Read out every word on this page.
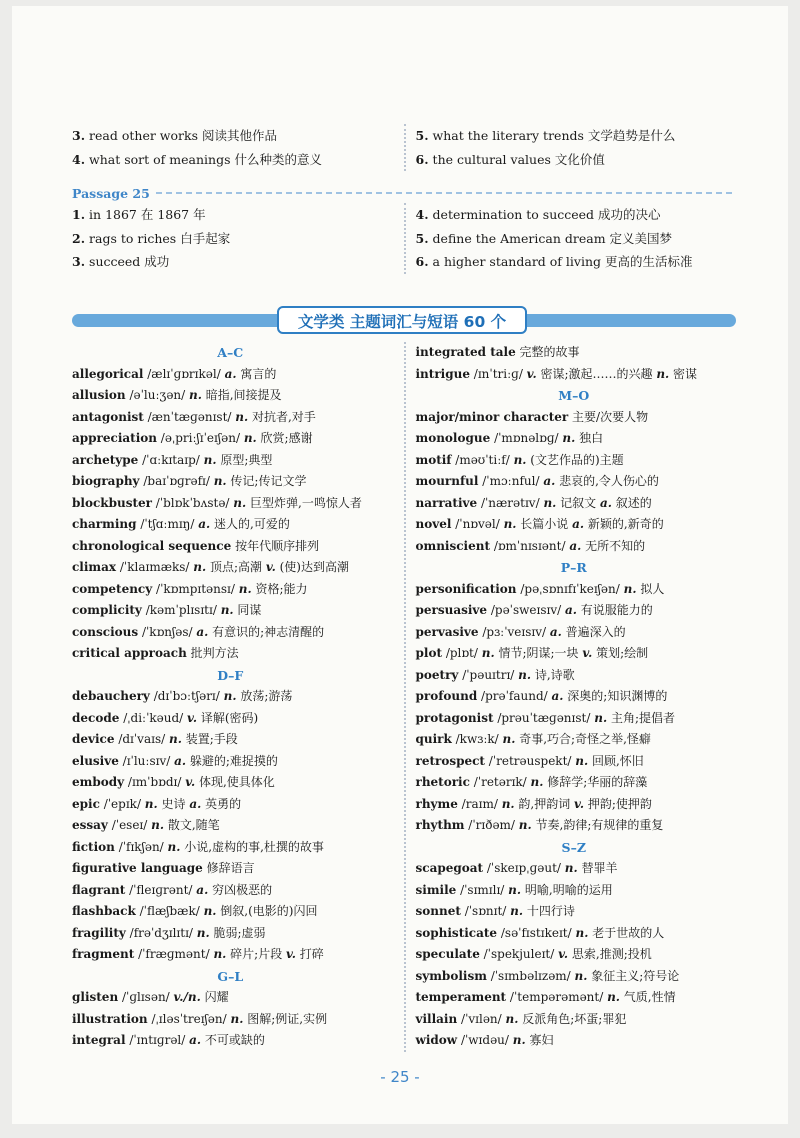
3. read other works 阅读其他作品
4. what sort of meanings 什么种类的意义
5. what the literary trends 文学趋势是什么
6. the cultural values 文化价值
Passage 25
1. in 1867 在 1867 年
2. rags to riches 白手起家
3. succeed 成功
4. determination to succeed 成功的决心
5. define the American dream 定义美国梦
6. a higher standard of living 更高的生活标准
文学类 主题词汇与短语 60 个
A–C
allegorical /ælɪˈɡɒrɪkəl/ a. 寓言的
allusion /əˈluːʒən/ n. 暗指,间接提及
antagonist /ænˈtæɡənɪst/ n. 对抗者,对手
appreciation /əˌpriːʃɪˈeɪʃən/ n. 欣赏;感谢
archetype /ˈɑːkɪtaɪp/ n. 原型;典型
biography /baɪˈɒɡrəfɪ/ n. 传记;传记文学
blockbuster /ˈblɒkˈbʌstə/ n. 巨型炸弹,一鸣惊人者
charming /ˈtʃɑːmɪŋ/ a. 迷人的,可爱的
chronological sequence 按年代顺序排列
climax /ˈklaɪmæks/ n. 顶点;高潮 v. (使)达到高潮
competency /ˈkɒmpɪtənsɪ/ n. 资格;能力
complicity /kəmˈplɪsɪtɪ/ n. 同谋
conscious /ˈkɒnʃəs/ a. 有意识的;神志清醒的
critical approach 批判方法
D–F
debauchery /dɪˈbɔːtʃərɪ/ n. 放荡;游荡
decode /ˌdiːˈkəud/ v. 译解(密码)
device /dɪˈvaɪs/ n. 装置;手段
elusive /ɪˈluːsɪv/ a. 躲避的;难捉摸的
embody /ɪmˈbɒdɪ/ v. 体现,使具体化
epic /ˈepɪk/ n. 史诗 a. 英勇的
essay /ˈeseɪ/ n. 散文,随笔
fiction /ˈfɪkʃən/ n. 小说,虚构的事,杜撰的故事
figurative language 修辞语言
flagrant /ˈfleɪɡrənt/ a. 穷凶极恶的
flashback /ˈflæʃbæk/ n. 倒叙,(电影的)闪回
fragility /frəˈdʒɪlɪtɪ/ n. 脆弱;虚弱
fragment /ˈfræɡmənt/ n. 碎片;片段 v. 打碎
G–L
glisten /ˈɡlɪsən/ v./n. 闪耀
illustration /ˌɪləsˈtreɪʃən/ n. 图解;例证,实例
integral /ˈɪntɪɡrəl/ a. 不可或缺的
integrated tale 完整的故事
intrigue /ɪnˈtriːɡ/ v. 密谋;激起……的兴趣 n. 密谋
M–O
major/minor character 主要/次要人物
monologue /ˈmɒnəlɒɡ/ n. 独白
motif /məʊˈtiːf/ n. (文艺作品的)主题
mournful /ˈmɔːnful/ a. 悲哀的,令人伤心的
narrative /ˈnærətɪv/ n. 记叙文 a. 叙述的
novel /ˈnɒvəl/ n. 长篇小说 a. 新颖的,新奇的
omniscient /ɒmˈnɪsɪənt/ a. 无所不知的
P–R
personification /pəˌsɒnɪfɪˈkeɪʃən/ n. 拟人
persuasive /pəˈsweɪsɪv/ a. 有说服能力的
pervasive /pɜːˈveɪsɪv/ a. 普遍深入的
plot /plɒt/ n. 情节;阴谋;一块 v. 策划;绘制
poetry /ˈpəuɪtrɪ/ n. 诗,诗歌
profound /prəˈfaund/ a. 深奥的;知识渊博的
protagonist /prəuˈtæɡənɪst/ n. 主角;提倡者
quirk /kwɜːk/ n. 奇事,巧合;奇怪之举,怪癖
retrospect /ˈretrəuspekt/ n. 回顾,怀旧
rhetoric /ˈretərɪk/ n. 修辞学;华丽的辞藻
rhyme /raɪm/ n. 韵,押韵词 v. 押韵;使押韵
rhythm /ˈrɪðəm/ n. 节奏,韵律;有规律的重复
S–Z
scapegoat /ˈskeɪpˌɡəut/ n. 替罪羊
simile /ˈsɪmɪlɪ/ n. 明喻,明喻的运用
sonnet /ˈsɒnɪt/ n. 十四行诗
sophisticate /səˈfɪstɪkeɪt/ n. 老于世故的人
speculate /ˈspekjuleɪt/ v. 思索,推测;投机
symbolism /ˈsɪmbəlɪzəm/ n. 象征主义;符号论
temperament /ˈtempərəmənt/ n. 气质,性情
villain /ˈvɪlən/ n. 反派角色;坏蛋;罪犯
widow /ˈwɪdəu/ n. 寡妇
- 25 -
